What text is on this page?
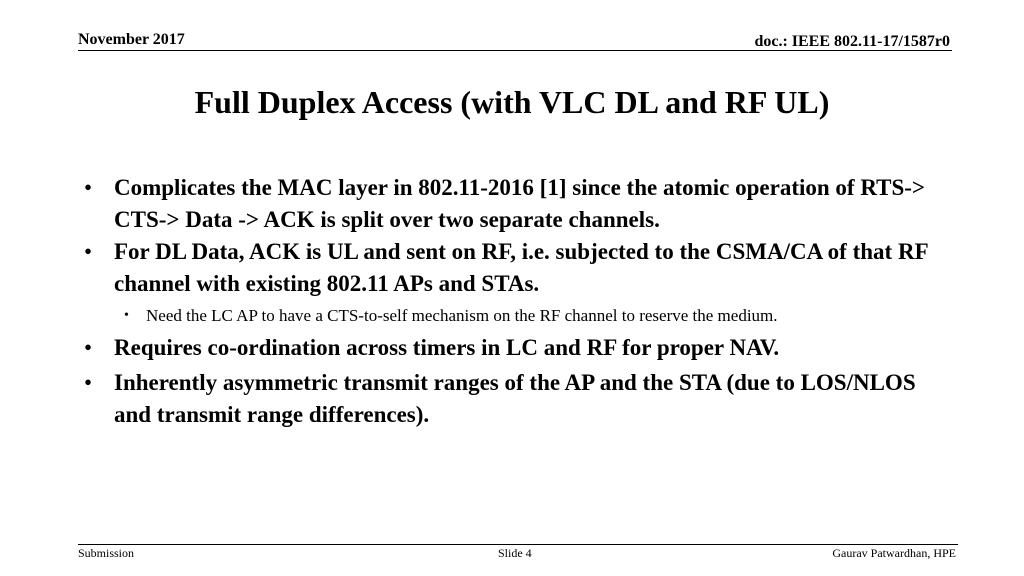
November 2017	doc.: IEEE 802.11-17/1587r0
Full Duplex Access (with VLC DL and RF UL)
• Complicates the MAC layer in 802.11-2016 [1] since the atomic operation of RTS-> CTS-> Data -> ACK is split over two separate channels.
• For DL Data, ACK is UL and sent on RF, i.e. subjected to the CSMA/CA of that RF channel with existing 802.11 APs and STAs.
• Need the LC AP to have a CTS-to-self mechanism on the RF channel to reserve the medium.
• Requires co-ordination across timers in LC and RF for proper NAV.
• Inherently asymmetric transmit ranges of the AP and the STA (due to LOS/NLOS and transmit range differences).
Submission	Slide 4	Gaurav Patwardhan, HPE
